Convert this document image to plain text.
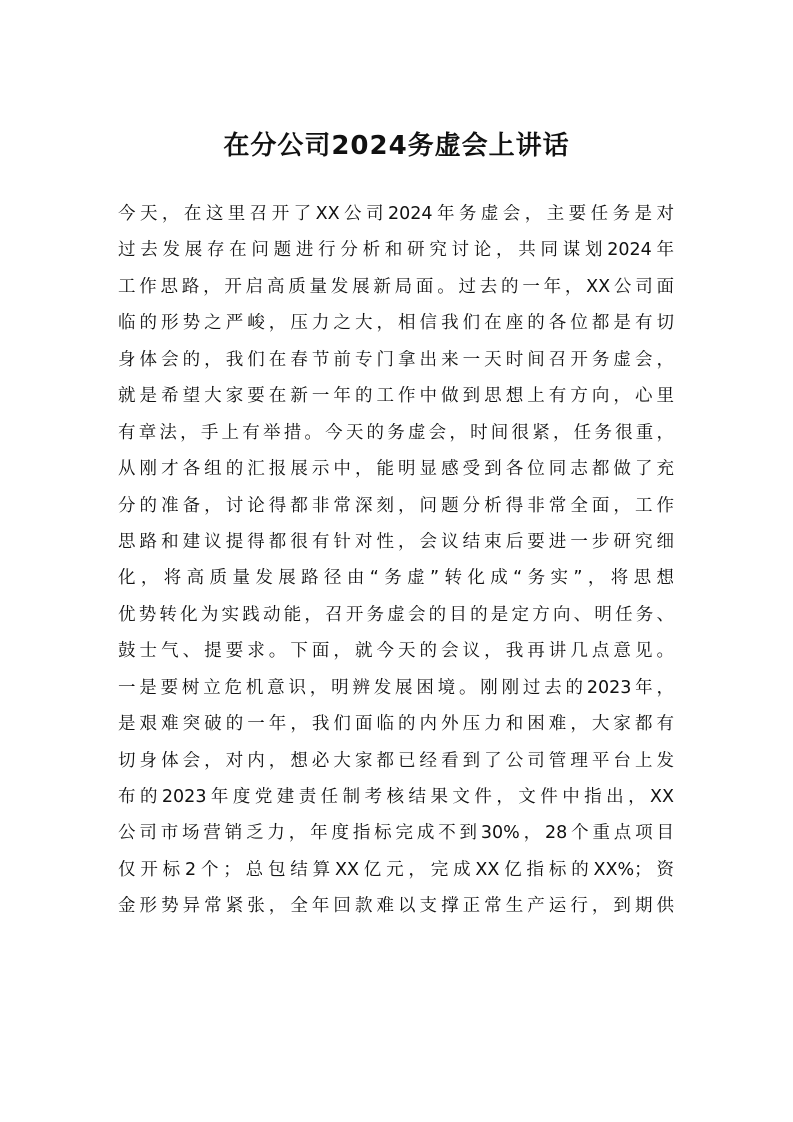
在分公司2024务虚会上讲话
今天，在这里召开了XX公司2024年务虚会，主要任务是对
过去发展存在问题进行分析和研究讨论，共同谋划2024年
工作思路，开启高质量发展新局面。过去的一年，XX公司面
临的形势之严峻，压力之大，相信我们在座的各位都是有切
身体会的，我们在春节前专门拿出来一天时间召开务虚会，
就是希望大家要在新一年的工作中做到思想上有方向，心里
有章法，手上有举措。今天的务虚会，时间很紧，任务很重，
从刚才各组的汇报展示中，能明显感受到各位同志都做了充
分的准备，讨论得都非常深刻，问题分析得非常全面，工作
思路和建议提得都很有针对性，会议结束后要进一步研究细
化，将高质量发展路径由“务虚”转化成“务实”，将思想
优势转化为实践动能，召开务虚会的目的是定方向、明任务、
鼓士气、提要求。下面，就今天的会议，我再讲几点意见。
一是要树立危机意识，明辨发展困境。刚刚过去的2023年，
是艰难突破的一年，我们面临的内外压力和困难，大家都有
切身体会，对内，想必大家都已经看到了公司管理平台上发
布的2023年度党建责任制考核结果文件，文件中指出，XX
公司市场营销乏力，年度指标完成不到30%，28个重点项目
仅开标2个；总包结算XX亿元，完成XX亿指标的XX%；资
金形势异常紧张，全年回款难以支撑正常生产运行，到期供
